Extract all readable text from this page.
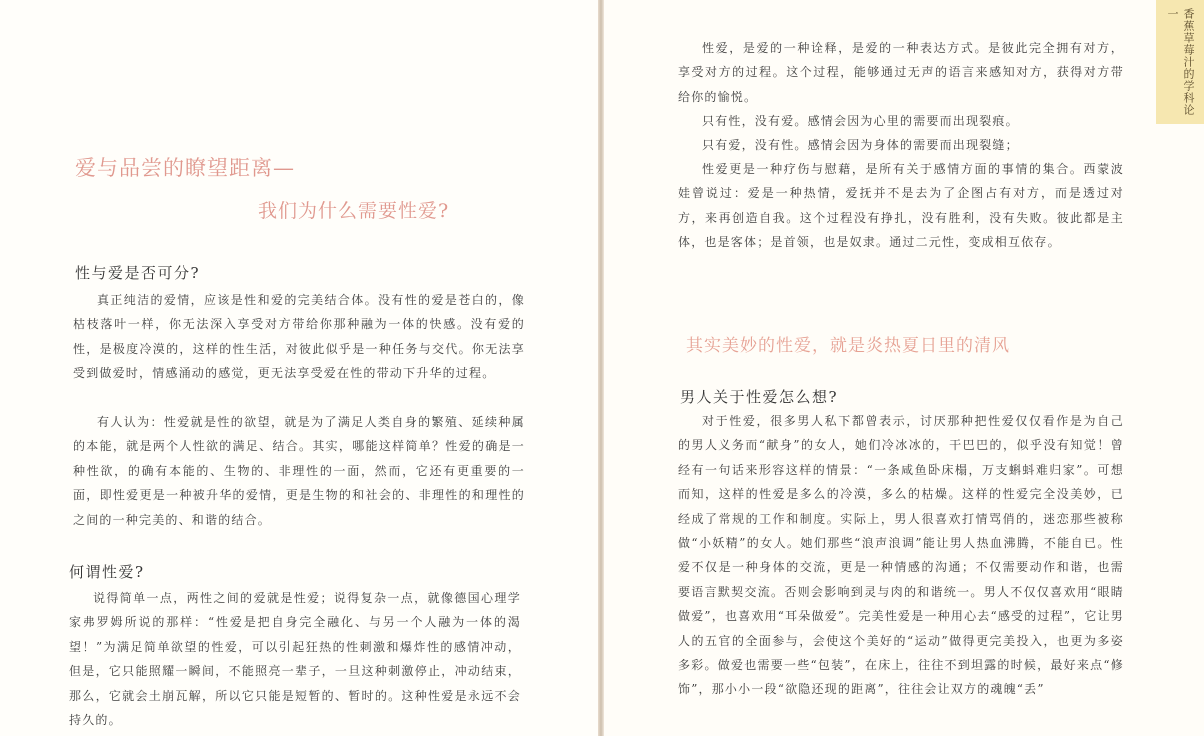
爱与品尝的瞭望距离—
我们为什么需要性爱?
性与爱是否可分?

真正纯洁的爱情，应该是性和爱的完美结合体。没有性的爱是苍白的，像枯枝落叶一样，你无法深入享受对方带给你那种融为一体的快感。没有爱的性，是极度冷漠的，这样的性生活，对彼此似乎是一种任务与交代。你无法享受到做爱时，情感涌动的感觉，更无法享受爱在性的带动下升华的过程。

有人认为：性爱就是性的欲望，就是为了满足人类自身的繁殖、延续种属的本能，就是两个人性欲的满足、结合。其实，哪能这样简单？性爱的确是一种性欲，的确有本能的、生物的、非理性的一面，然而，它还有更重要的一面，即性爱更是一种被升华的爱情，更是生物的和社会的、非理性的和理性的之间的一种完美的、和谐的结合。

何谓性爱?

说得简单一点，两性之间的爱就是性爱；说得复杂一点，就像德国心理学家弗罗姆所说的那样：“性爱是把自身完全融化、与另一个人融为一体的渴望！”为满足简单欲望的性爱，可以引起狂热的性刺激和爆炸性的感情冲动，但是，它只能照耀一瞬间，不能照亮一辈子，一旦这种刺激停止，冲动结束，那么，它就会土崩瓦解，所以它只能是短暂的、暂时的。这种性爱是永远不会持久的。

香蕉草莓汁的学科论一

性爱，是爱的一种诠释，是爱的一种表达方式。是彼此完全拥有对方，享受对方的过程。这个过程，能够通过无声的语言来感知对方，获得对方带给你的愉悦。

只有性，没有爱。感情会因为心里的需要而出现裂痕。

只有爱，没有性。感情会因为身体的需要而出现裂缝；

性爱更是一种疗伤与慰藉，是所有关于感情方面的事情的集合。西蒙波娃曾说过：爱是一种热情，爱抚并不是去为了企图占有对方，而是透过对方，来再创造自我。这个过程没有挣扎，没有胜利，没有失败。彼此都是主体，也是客体；是首领，也是奴隶。通过二元性，变成相互依存。

其实美妙的性爱，就是炎热夏日里的清风
男人关于性爱怎么想?

对于性爱，很多男人私下都曾表示，讨厌那种把性爱仅仅看作是为自己的男人义务而“献身”的女人，她们冷冰冰的，干巴巴的，似乎没有知觉！曾经有一句话来形容这样的情景：“一条咸鱼卧床榻，万支蝌蚪难归家”。可想而知，这样的性爱是多么的冷漠，多么的枯燥。这样的性爱完全没美妙，已经成了常规的工作和制度。实际上，男人很喜欢打情骂俏的，迷恋那些被称做“小妖精”的女人。她们那些“浪声浪调”能让男人热血沸腾，不能自已。性爱不仅是一种身体的交流，更是一种情感的沟通；不仅需要动作和谐，也需要语言默契交流。否则会影响到灵与肉的和谐统一。男人不仅仅喜欢用“眼睛做爱”，也喜欢用“耳朵做爱”。完美性爱是一种用心去“感受的过程”，它让男人的五官的全面参与，会使这个美好的“运动”做得更完美投入，也更为多姿多彩。做爱也需要一些“包装”，在床上，往往不到坦露的时候，最好来点“修饰”，那小小一段“欲隐还现的距离”，往往会让双方的魂魄“丢”
